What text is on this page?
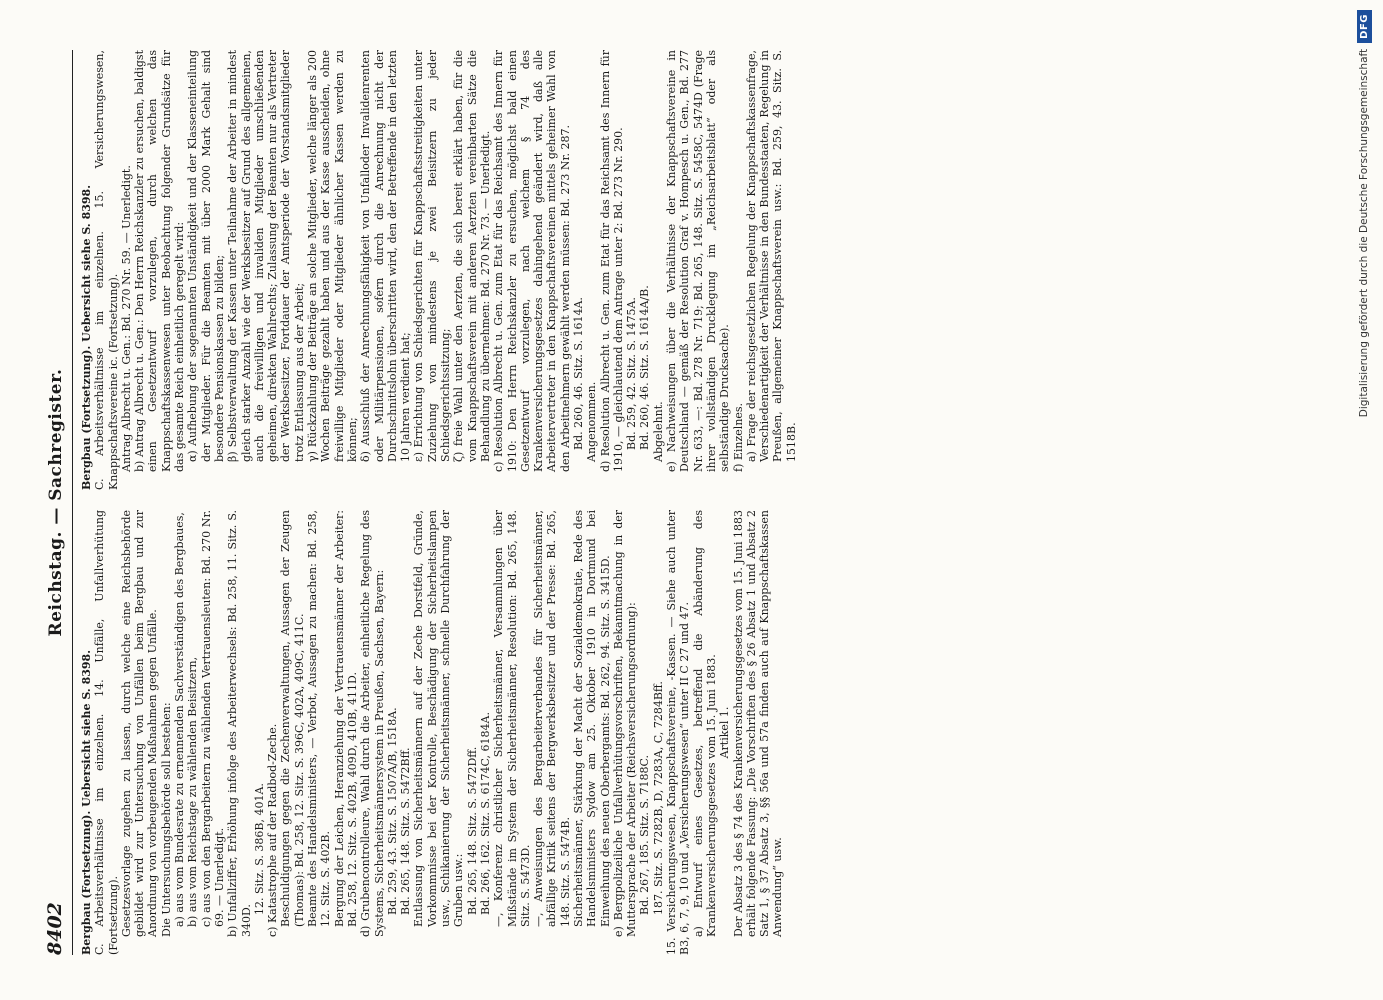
8402
Reichstag. — Sachregister.

Bergbau (Fortsetzung). Uebersicht siehe S. 8398. C. Arbeitsverhältnisse im einzelnen. 14. Unfälle, Unfallverhütung (Fortsetzung). Gesetzesvorlage zugehen zu lassen, durch welche eine Reichsbehörde gebildet wird zur Untersuchung von Unfällen beim Bergbau und zur Anordnung von vorbeugenden Maßnahmen gegen Unfälle. Die Untersuchungsbehörde soll bestehen: a) aus vom Bundesrate zu ernennenden Sachverständigen des Bergbaues, b) aus vom Reichstage zu wählenden Beisitzern, c) aus von den Bergarbeitern zu wählenden Vertrauensleuten: Bd. 270 Nr. 69. — Unerledigt. b) Unfallziffer, Erhöhung infolge des Arbeiterwechsels: Bd. 258, 11. Sitz. S. 340D.

12. Sitz. S. 386B, 401A. c) Katastrophe auf der Radbod-Zeche. Beschuldigungen gegen die Zechenverwaltungen, Aussagen der Zeugen (Thomas): Bd. 258, 12. Sitz. S. 396C, 402A, 409C, 411C. Beamte des Handelsministers, — Verbot, Aussagen zu machen: Bd. 258, 12. Sitz. S. 402B. Bergung der Leichen, Heranziehung der Vertrauensmänner der Arbeiter: Bd. 258, 12. Sitz. S. 402B, 409D, 410B, 411D. d) Grubencontrolleure, Wahl durch die Arbeiter, einheitliche Regelung des Systems, Sicherheitsmännersystem in Preußen, Sachsen, Bayern: Bd. 259, 43. Sitz. S. 1507A/B, 1518A. Bd. 265, 148. Sitz. S. 5472Bff. Entlassung von Sicherheitsmännern auf der Zeche Dorstfeld, Gründe, Vorkommnisse bei der Kontrolle, Beschädigung der Sicherheitslampen usw., Schikanierung der Sicherheitsmänner, schnelle Durchfahrung der Gruben usw.: Bd. 265, 148. Sitz. S. 5472Dff. Bd. 266, 162. Sitz. S. 6174C, 6184A. —, Konferenz christlicher Sicherheitsmänner, Versammlungen über Mißstände im System der Sicherheitsmänner, Resolution: Bd. 265, 148. Sitz. S. 5473D. —, Anweisungen des Bergarbeiterverbandes für Sicherheitsmänner, abfällige Kritik seitens der Bergwerksbesitzer und der Presse: Bd. 265, 148. Sitz. S. 5474B. Sicherheitsmänner, Stärkung der Macht der Sozialdemokratie, Rede des Handelsministers Sydow am 25. Oktober 1910 in Dortmund bei Einweihung des neuen Oberbergamts: Bd. 262, 94. Sitz. S. 3415D. e) Bergpolizeiliche Unfallverhütungsvorschriften, Bekanntmachung in der Muttersprache der Arbeiter (Reichsversicherungsordnung): Bd. 267, 185. Sitz. S. 7188C. 187. Sitz. S. 7282B, D, 7283A, C, 7284Bff. 15. Versicherungswesen, Knappschaftsvereine, -Kassen. — Siehe auch unter B3, 6, 7, 9, 10 und „Versicherungswesen“ unter II C 27 und 47. a) Entwurf eines Gesetzes, betreffend die Abänderung des Krankenversicherungsgesetzes vom 15. Juni 1883. Artikel 1. Der Absatz 3 des § 74 des Krankenversicherungsgesetzes vom 15. Juni 1883 erhält folgende Fassung: „Die Vorschriften des § 26 Absatz 1 und Absatz 2 Satz 1, § 37 Absatz 3, §§ 56a und 57a finden auch auf Knappschaftskassen Anwendung“ usw.

Bergbau (Fortsetzung). Uebersicht siehe S. 8398. C. Arbeitsverhältnisse im einzelnen. 15. Versicherungswesen, Knappschaftsvereine ic. (Fortsetzung). Antrag Albrecht u. Gen.: Bd. 270 Nr. 59. — Unerledigt. b) Antrag Albrecht u. Gen.: Den Herrn Reichskanzler zu ersuchen, baldigst einen Gesetzentwurf vorzulegen, durch welchen das Knappschaftskassenwesen unter Beobachtung folgender Grundsätze für das gesamte Reich einheitlich geregelt wird: α) Aufhebung der sogenannten Unständigkeit und der Klasseneinteilung der Mitglieder. Für die Beamten mit über 2000 Mark Gehalt sind besondere Pensionskassen zu bilden; β) Selbstverwaltung der Kassen unter Teilnahme der Arbeiter in mindest gleich starker Anzahl wie der Werksbesitzer auf Grund des allgemeinen, auch die freiwilligen und invaliden Mitglieder umschließenden geheimen, direkten Wahlrechts; Zulassung der Beamten nur als Vertreter der Werksbesitzer, Fortdauer der Amtsperiode der Vorstandsmitglieder trotz Entlassung aus der Arbeit; γ) Rückzahlung der Beiträge an solche Mitglieder, welche länger als 200 Wochen Beiträge gezahlt haben und aus der Kasse ausscheiden, ohne freiwillige Mitglieder oder Mitglieder ähnlicher Kassen werden zu können; δ) Ausschluß der Anrechnungsfähigkeit von Unfalloder Invalidenrenten oder Militärpensionen, sofern durch die Anrechnung nicht der Durchschnittslohn überschritten wird, den der Betreffende in den letzten 10 Jahren verdient hat; ε) Errichtung von Schiedsgerichten für Knappschaftsstreitigkeiten unter Zuziehung von mindestens je zwei Beisitzern zu jeder Schiedsgerichtssitzung; ζ) freie Wahl unter den Aerzten, die sich bereit erklärt haben, für die vom Knappschaftsverein mit anderen Aerzten vereinbarten Sätze die Behandlung zu übernehmen: Bd. 270 Nr. 73. — Unerledigt. c) Resolution Albrecht u. Gen. zum Etat für das Reichsamt des Innern für 1910: Den Herrn Reichskanzler zu ersuchen, möglichst bald einen Gesetzentwurf vorzulegen, nach welchem § 74 des Krankenversicherungsgesetzes dahingehend geändert wird, daß alle Arbeitervertreter in den Knappschaftsvereinen mittels geheimer Wahl von den Arbeitnehmern gewählt werden müssen: Bd. 273 Nr. 287. Bd. 260, 46. Sitz. S. 1614A. Angenommen. d) Resolution Albrecht u. Gen. zum Etat für das Reichsamt des Innern für 1910, — gleichlautend dem Antrage unter 2: Bd. 273 Nr. 290. Bd. 259, 42. Sitz. S. 1475A. Bd. 260, 46. Sitz. S. 1614A/B. Abgelehnt. e) Nachweisungen über die Verhältnisse der Knappschaftsvereine in Deutschland — gemäß der Resolution Graf v. Hompesch u. Gen., Bd. 277 Nr. 633, —: Bd. 278 Nr. 719; Bd. 265, 148. Sitz. S. 5458C, 5474D (Frage ihrer vollständigen Drucklegung im „Reichsarbeitsblatt“ oder als selbständige Drucksache). f) Einzelnes. a) Frage der reichsgesetzlichen Regelung der Knappschaftskassenfrage, Verschiedenartigkeit der Verhältnisse in den Bundesstaaten, Regelung in Preußen, allgemeiner Knappschaftsverein usw.: Bd. 259, 43. Sitz. S. 1518B.

Digitalisierung gefördert durch die Deutsche Forschungsgemeinschaft
DFG
